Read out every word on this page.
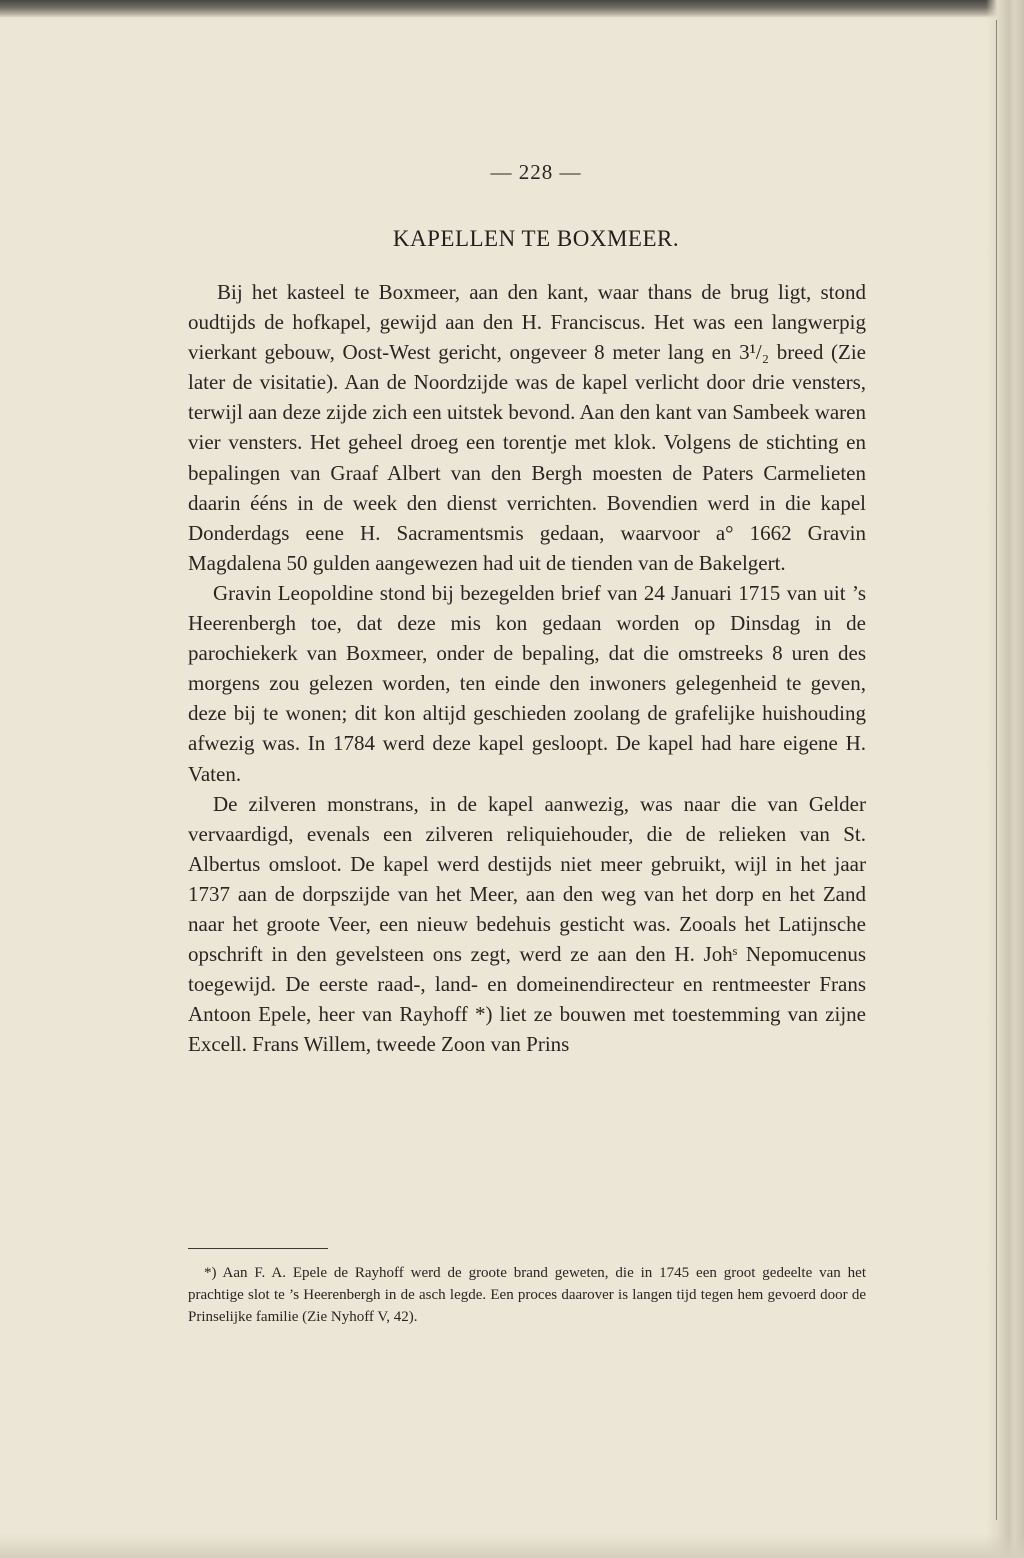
— 228 —
KAPELLEN TE BOXMEER.

Bij het kasteel te Boxmeer, aan den kant, waar thans de brug ligt, stond oudtijds de hofkapel, gewijd aan den H. Franciscus. Het was een langwerpig vierkant gebouw, Oost-West gericht, ongeveer 8 meter lang en 3¹/₂ breed (Zie later de visitatie). Aan de Noordzijde was de kapel verlicht door drie vensters, terwijl aan deze zijde zich een uitstek bevond. Aan den kant van Sambeek waren vier vensters. Het geheel droeg een torentje met klok. Volgens de stichting en bepalingen van Graaf Albert van den Bergh moesten de Paters Carmelieten daarin ééns in de week den dienst verrichten. Bovendien werd in die kapel Donderdags eene H. Sacramentsmis gedaan, waarvoor a° 1662 Gravin Magdalena 50 gulden aangewezen had uit de tienden van de Bakelgert.

Gravin Leopoldine stond bij bezegelden brief van 24 Januari 1715 van uit ’s Heerenbergh toe, dat deze mis kon gedaan worden op Dinsdag in de parochiekerk van Boxmeer, onder de bepaling, dat die omstreeks 8 uren des morgens zou gelezen worden, ten einde den inwoners gelegenheid te geven, deze bij te wonen; dit kon altijd geschieden zoolang de grafelijke huishouding afwezig was. In 1784 werd deze kapel gesloopt. De kapel had hare eigene H. Vaten.

De zilveren monstrans, in de kapel aanwezig, was naar die van Gelder vervaardigd, evenals een zilveren reliquiehouder, die de relieken van St. Albertus omsloot. De kapel werd destijds niet meer gebruikt, wijl in het jaar 1737 aan de dorpszijde van het Meer, aan den weg van het dorp en het Zand naar het groote Veer, een nieuw bedehuis gesticht was. Zooals het Latijnsche opschrift in den gevelsteen ons zegt, werd ze aan den H. Johˢ Nepomucenus toegewijd. De eerste raad-, land- en domeinendirecteur en rentmeester Frans Antoon Epele, heer van Rayhoff *) liet ze bouwen met toestemming van zijne Excell. Frans Willem, tweede Zoon van Prins

*) Aan F. A. Epele de Rayhoff werd de groote brand geweten, die in 1745 een groot gedeelte van het prachtige slot te ’s Heerenbergh in de asch legde. Een proces daarover is langen tijd tegen hem gevoerd door de Prinselijke familie (Zie Nyhoff V, 42).
